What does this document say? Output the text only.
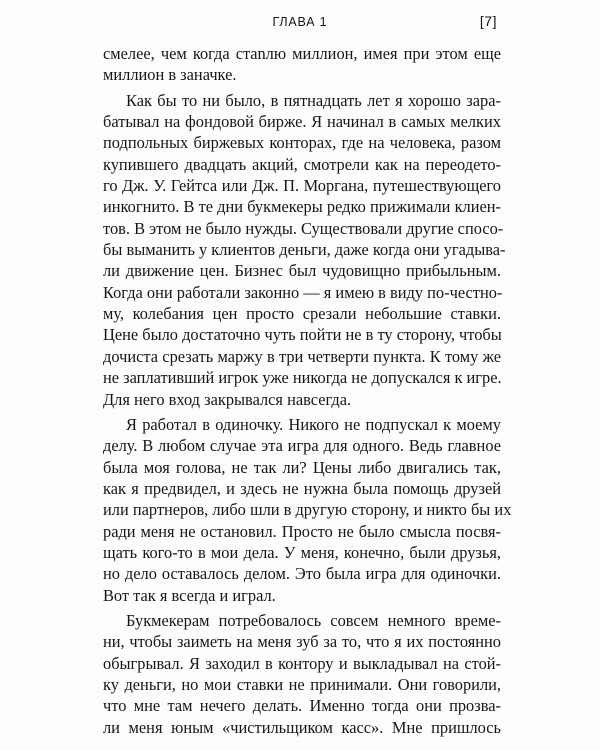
ГЛАВА 1	[7]
смелее, чем когда стanлю миллион, имея при этом еще
миллион в заначке.
Как бы то ни было, в пятнадцать лет я хорошо зара-
батывал на фондовой бирже. Я начинал в самых мелких
подпольных биржевых конторах, где на человека, разом
купившего двадцать акций, смотрели как на переодето-
го Дж. У. Гейтса или Дж. П. Моргана, путешествующего
инкогнито. В те дни букмекеры редко прижимали клиен-
тов. В этом не было нужды. Существовали другие спосо-
бы выманить у клиентов деньги, даже когда они угадыва-
ли движение цен. Бизнес был чудовищно прибыльным.
Когда они работали законно — я имею в виду по-честно-
му, колебания цен просто срезали небольшие ставки.
Цене было достаточно чуть пойти не в ту сторону, чтобы
дочиста срезать маржу в три четверти пункта. К тому же
не заплативший игрок уже никогда не допускался к игре.
Для него вход закрывался навсегда.
Я работал в одиночку. Никого не подпускал к моему
делу. В любом случае эта игра для одного. Ведь главное
была моя голова, не так ли? Цены либо двигались так,
как я предвидел, и здесь не нужна была помощь друзей
или партнеров, либо шли в другую сторону, и никто бы их
ради меня не остановил. Просто не было смысла посвя-
щать кого-то в мои дела. У меня, конечно, были друзья,
но дело оставалось делом. Это была игра для одиночки.
Вот так я всегда и играл.
Букмекерам потребовалось совсем немного време-
ни, чтобы заиметь на меня зуб за то, что я их постоянно
обыгрывал. Я заходил в контору и выкладывал на стой-
ку деньги, но мои ставки не принимали. Они говорили,
что мне там нечего делать. Именно тогда они прозва-
ли меня юным «чистильщиком касс». Мне пришлось
